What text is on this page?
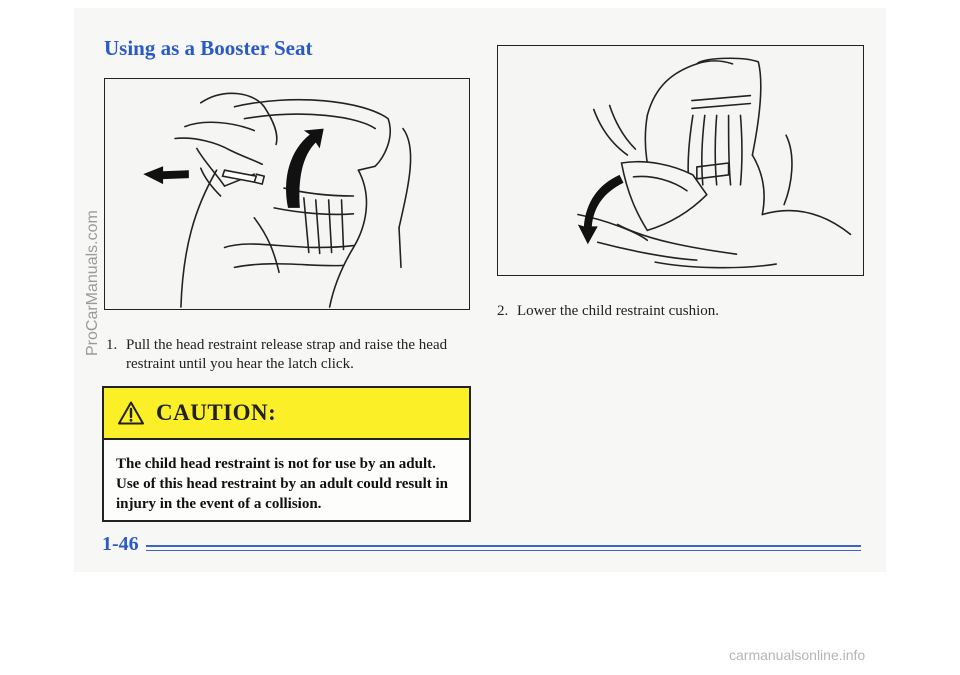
Using as a Booster Seat

1. Pull the head restraint release strap and raise the head restraint until you hear the latch click.

2. Lower the child restraint cushion.

CAUTION:
The child head restraint is not for use by an adult. Use of this head restraint by an adult could result in injury in the event of a collision.
1-46
ProCarManuals.com
carmanualsonline.info
